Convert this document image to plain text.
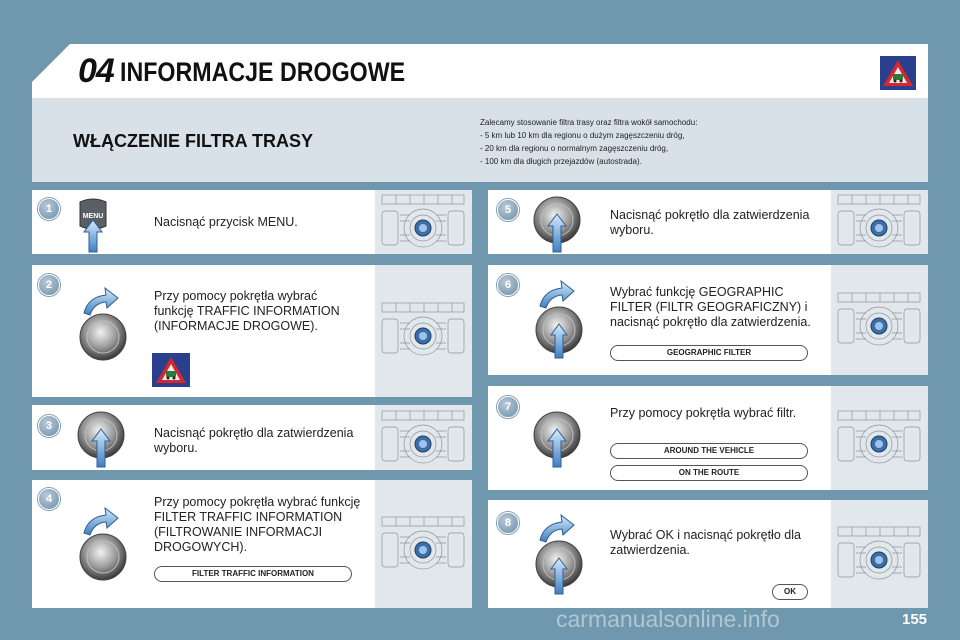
04 INFORMACJE DROGOWE
WŁĄCZENIE FILTRA TRASY
Zalecamy stosowanie filtra trasy oraz filtra wokół samochodu:
- 5 km lub 10 km dla regionu o dużym zagęszczeniu dróg,
- 20 km dla regionu o normalnym zagęszczeniu dróg,
- 100 km dla długich przejazdów (autostrada).
1
MENU	Nacisnąć przycisk MENU.
2
Przy pomocy pokrętła wybrać funkcję TRAFFIC INFORMATION (INFORMACJE DROGOWE).
3	Nacisnąć pokrętło dla zatwierdzenia wyboru.
4	Przy pomocy pokrętła wybrać funkcję FILTER TRAFFIC INFORMATION (FILTROWANIE INFORMACJI DROGOWYCH).
FILTER TRAFFIC INFORMATION
5	Nacisnąć pokrętło dla zatwierdzenia wyboru.
6	Wybrać funkcję GEOGRAPHIC FILTER (FILTR GEOGRAFICZNY) i nacisnąć pokrętło dla zatwierdzenia.
GEOGRAPHIC FILTER
7	Przy pomocy pokrętła wybrać filtr.
AROUND THE VEHICLE
ON THE ROUTE
8
Wybrać OK i nacisnąć pokrętło dla zatwierdzenia.
OK
carmanualsonline.info	155
